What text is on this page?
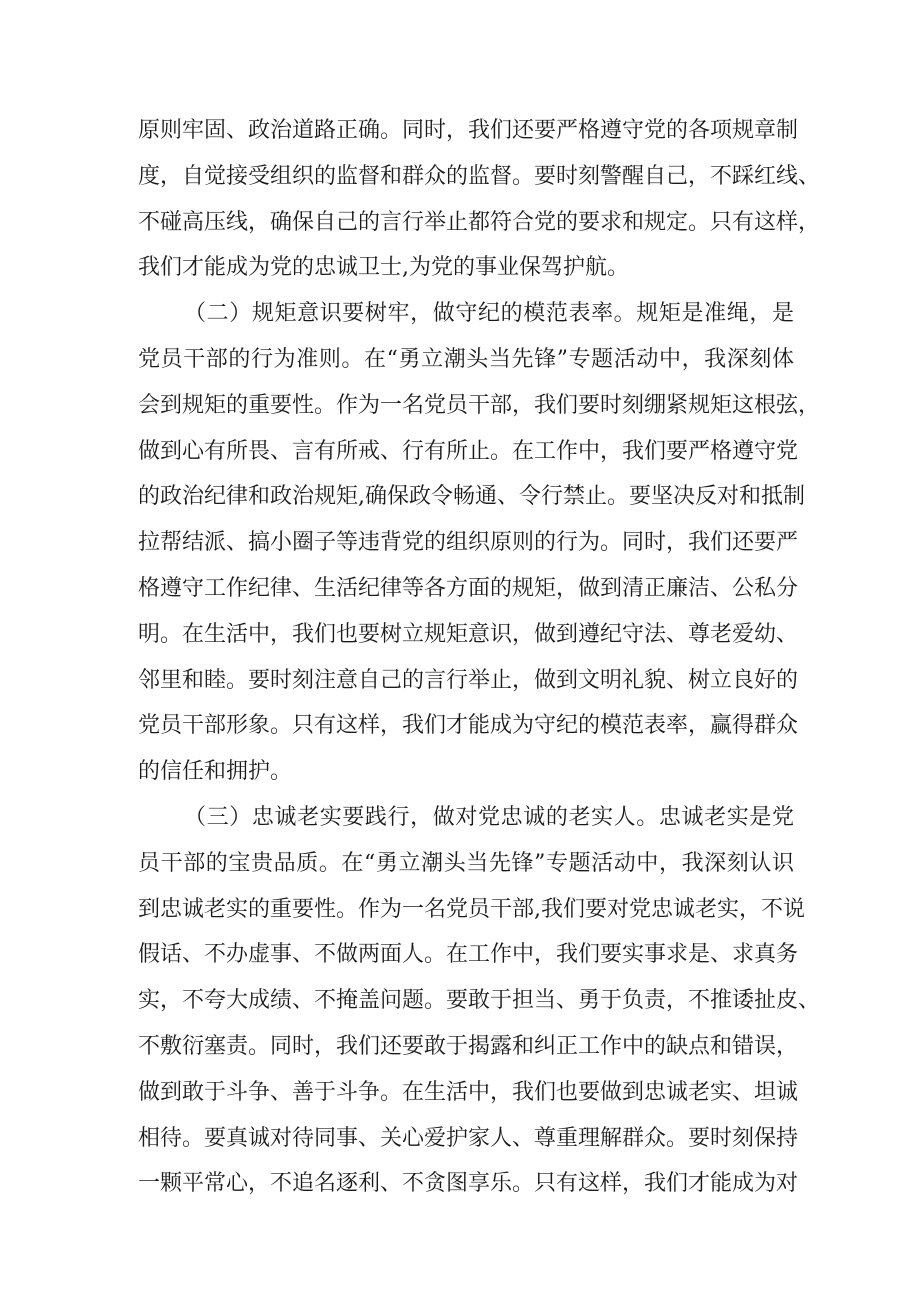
原则牢固、政治道路正确。同时，我们还要严格遵守党的各项规章制
度，自觉接受组织的监督和群众的监督。要时刻警醒自己，不踩红线、
不碰高压线，确保自己的言行举止都符合党的要求和规定。只有这样，
我们才能成为党的忠诚卫士,为党的事业保驾护航。
（二）规矩意识要树牢，做守纪的模范表率。规矩是准绳，是
党员干部的行为准则。在“勇立潮头当先锋”专题活动中，我深刻体
会到规矩的重要性。作为一名党员干部，我们要时刻绷紧规矩这根弦，
做到心有所畏、言有所戒、行有所止。在工作中，我们要严格遵守党
的政治纪律和政治规矩,确保政令畅通、令行禁止。要坚决反对和抵制
拉帮结派、搞小圈子等违背党的组织原则的行为。同时，我们还要严
格遵守工作纪律、生活纪律等各方面的规矩，做到清正廉洁、公私分
明。在生活中，我们也要树立规矩意识，做到遵纪守法、尊老爱幼、
邻里和睦。要时刻注意自己的言行举止，做到文明礼貌、树立良好的
党员干部形象。只有这样，我们才能成为守纪的模范表率，赢得群众
的信任和拥护。
（三）忠诚老实要践行，做对党忠诚的老实人。忠诚老实是党
员干部的宝贵品质。在“勇立潮头当先锋”专题活动中，我深刻认识
到忠诚老实的重要性。作为一名党员干部,我们要对党忠诚老实，不说
假话、不办虚事、不做两面人。在工作中，我们要实事求是、求真务
实，不夸大成绩、不掩盖问题。要敢于担当、勇于负责，不推诿扯皮、
不敷衍塞责。同时，我们还要敢于揭露和纠正工作中的缺点和错误，
做到敢于斗争、善于斗争。在生活中，我们也要做到忠诚老实、坦诚
相待。要真诚对待同事、关心爱护家人、尊重理解群众。要时刻保持
一颗平常心，不追名逐利、不贪图享乐。只有这样，我们才能成为对
